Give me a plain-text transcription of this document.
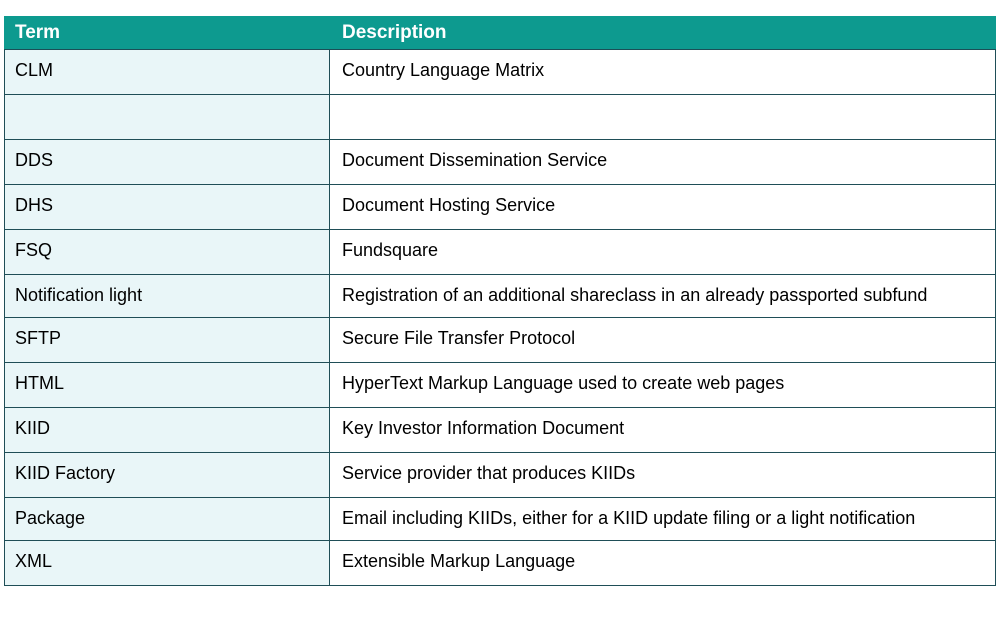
Term	Description
CLM	Country Language Matrix

DDS	Document Dissemination Service
DHS	Document Hosting Service
FSQ	Fundsquare
Notification light	Registration of an additional shareclass in an already passported subfund
SFTP	Secure File Transfer Protocol
HTML	HyperText Markup Language used to create web pages
KIID	Key Investor Information Document
KIID Factory	Service provider that produces KIIDs
Package	Email including KIIDs, either for a KIID update filing or a light notification
XML	Extensible Markup Language
